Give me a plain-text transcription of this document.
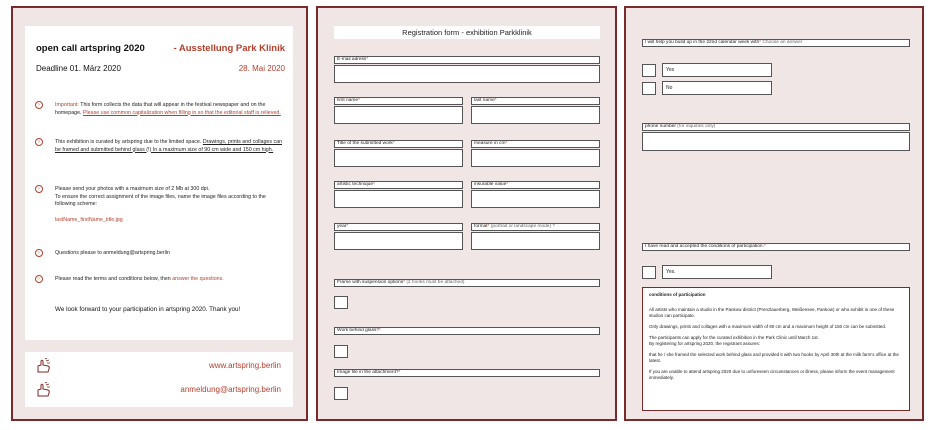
open call artspring 2020	- Ausstellung Park Klinik
Deadline 01. März 2020	28. Mai 2020
›	Important: This form collects the data that will appear in the festival newspaper and on the homepage. Please use common capitalization when filling in so that the editorial staff is relieved.
›	This exhibition is curated by artspring due to the limited space. Drawings, prints and collages can be framed and submitted behind glass (!) In a maximum size of 90 cm wide and 150 cm high.
›	Please send your photos with a maximum size of 2 Mb at 300 dpi.
To ensure the correct assignment of the image files, name the image files according to the following scheme:
lastName_firstName_title.jpg
›	Questions please to anmeldung@artspring.berlin
›	Please read the terms and conditions below, then answer the questions.
We look forward to your participation in artspring 2020. Thank you!
www.artspring.berlin
anmeldung@artspring.berlin
Registration form - exhibition Parkklinik
E-mail adress*
first name*	last name*
Title of the submitted work*	measure in cm*
artistic technique*	insurable value*
year*	format* (portrait or landscape mode) ?
Frame with suspension options* (2 hooks must be attached)
Work behind glass?*
Image file in the attachment?*
I will help you build up in the 22nd calendar week with* Choose an answer
Yes
No
phone number (for inquiries only)
I have read and accepted the conditions of participation.*
Yes.
conditions of participation

All artists who maintain a studio in the Pankow district (Prenzlauerberg, Weißensee, Pankow) or who exhibit in one of these studios can participate.

Only drawings, prints and collages with a maximum width of 90 cm and a maximum height of 150 cm can be submitted.

The participants can apply for the curated exhibition in the Park Clinic until March 1st.

By registering for artspring 2020, the registrant assures:

that he / she framed the selected work behind glass and provided it with two hooks by April 30th at the milk farm's office at the latest.

If you are unable to attend artspring 2020 due to unforeseen circumstances or illness, please inform the event management immediately.
